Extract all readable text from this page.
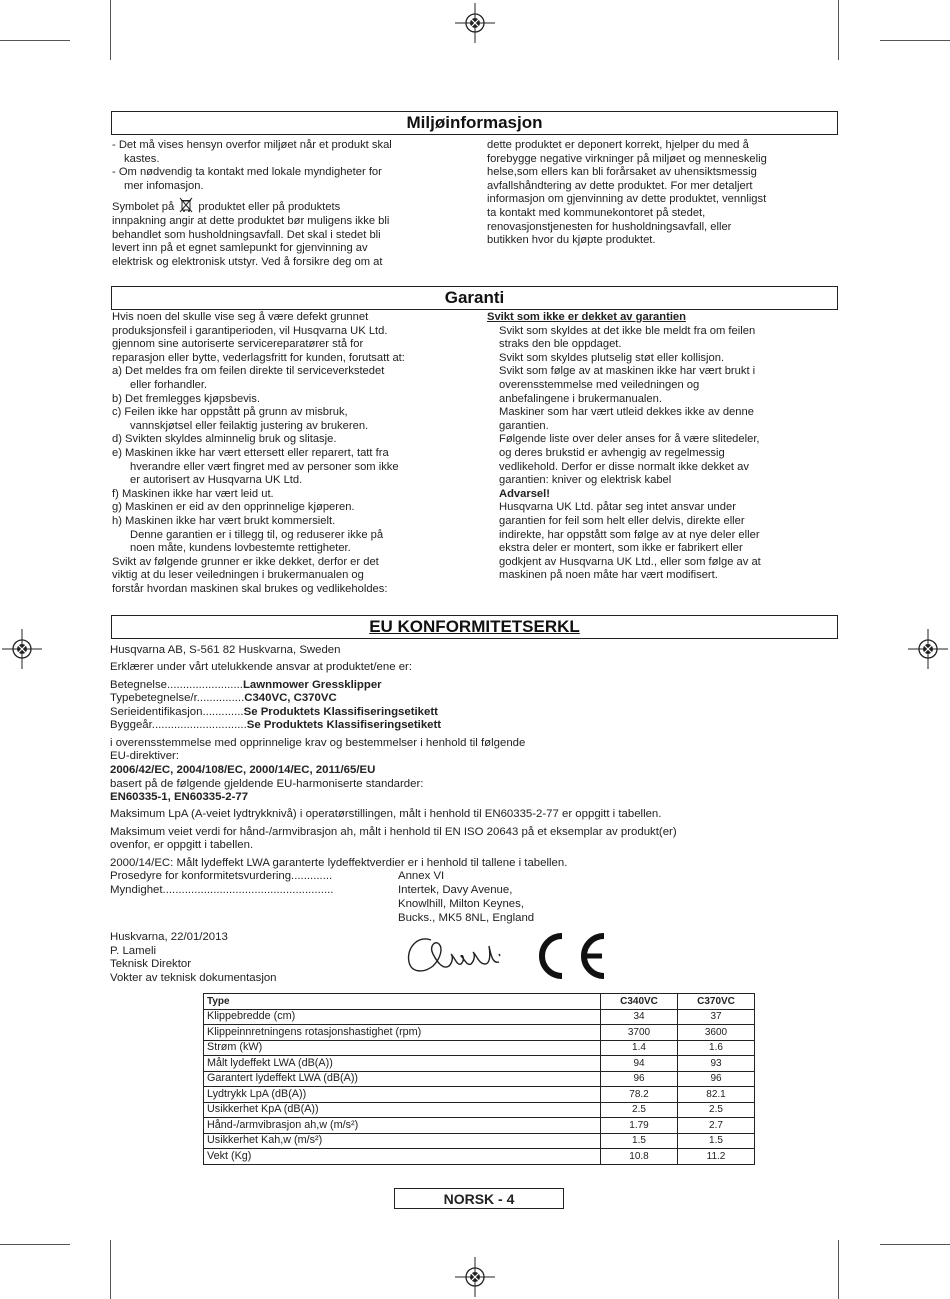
Miljøinformasjon

- Det må vises hensyn overfor miljøet når et produkt skal

kastes.

- Om nødvendig ta kontakt med lokale myndigheter for

mer infomasjon.

Symbolet på produktet eller på produktets

innpakning angir at dette produktet bør muligens ikke bli

behandlet som husholdningsavfall. Det skal i stedet bli

levert inn på et egnet samlepunkt for gjenvinning av

elektrisk og elektronisk utstyr. Ved å forsikre deg om at

dette produktet er deponert korrekt, hjelper du med å

forebygge negative virkninger på miljøet og menneskelig

helse,som ellers kan bli forårsaket av uhensiktsmessig

avfallshåndtering av dette produktet. For mer detaljert

informasjon om gjenvinning av dette produktet, vennligst

ta kontakt med kommunekontoret på stedet,

renovasjonstjenesten for husholdningsavfall, eller

butikken hvor du kjøpte produktet.

Garanti

Hvis noen del skulle vise seg å være defekt grunnet

produksjonsfeil i garantiperioden, vil Husqvarna UK Ltd.

gjennom sine autoriserte servicereparatører stå for

reparasjon eller bytte, vederlagsfritt for kunden, forutsatt at:

a) Det meldes fra om feilen direkte til serviceverkstedet

eller forhandler.

b) Det fremlegges kjøpsbevis.

c) Feilen ikke har oppstått på grunn av misbruk,

vannskjøtsel eller feilaktig justering av brukeren.

d) Svikten skyldes alminnelig bruk og slitasje.

e) Maskinen ikke har vært ettersett eller reparert, tatt fra

hverandre eller vært fingret med av personer som ikke

er autorisert av Husqvarna UK Ltd.

f) Maskinen ikke har vært leid ut.

g) Maskinen er eid av den opprinnelige kjøperen.

h) Maskinen ikke har vært brukt kommersielt.

Denne garantien er i tillegg til, og reduserer ikke på

noen måte, kundens lovbestemte rettigheter.

Svikt av følgende grunner er ikke dekket, derfor er det

viktig at du leser veiledningen i brukermanualen og

forstår hvordan maskinen skal brukes og vedlikeholdes:

Svikt som ikke er dekket av garantien

Svikt som skyldes at det ikke ble meldt fra om feilen

straks den ble oppdaget.

Svikt som skyldes plutselig støt eller kollisjon.

Svikt som følge av at maskinen ikke har vært brukt i

overensstemmelse med veiledningen og

anbefalingene i brukermanualen.

Maskiner som har vært utleid dekkes ikke av denne

garantien.

Følgende liste over deler anses for å være slitedeler,

og deres brukstid er avhengig av regelmessig

vedlikehold. Derfor er disse normalt ikke dekket av

garantien: kniver og elektrisk kabel

Advarsel!

Husqvarna UK Ltd. påtar seg intet ansvar under

garantien for feil som helt eller delvis, direkte eller

indirekte, har oppstått som følge av at nye deler eller

ekstra deler er montert, som ikke er fabrikert eller

godkjent av Husqvarna UK Ltd., eller som følge av at

maskinen på noen måte har vært modifisert.

EU KONFORMITETSERKL
Husqvarna AB, S-561 82 Huskvarna, Sweden
Erklærer under vårt utelukkende ansvar at produktet/ene er:
Betegnelse........................Lawnmower Gressklipper
Typebetegnelse/r...............C340VC, C370VC
Serieidentifikasjon.............Se Produktets Klassifiseringsetikett
Byggeår..............................Se Produktets Klassifiseringsetikett
i overensstemmelse med opprinnelige krav og bestemmelser i henhold til følgende
EU-direktiver:
2006/42/EC, 2004/108/EC, 2000/14/EC, 2011/65/EU
basert på de følgende gjeldende EU-harmoniserte standarder:
EN60335-1, EN60335-2-77
Maksimum LpA (A-veiet lydtrykknivå) i operatørstillingen, målt i henhold til EN60335-2-77 er oppgitt i tabellen.
Maksimum veiet verdi for hånd-/armvibrasjon ah, målt i henhold til EN ISO 20643 på et eksemplar av produkt(er)
ovenfor, er oppgitt i tabellen.
2000/14/EC: Målt lydeffekt LWA garanterte lydeffektverdier er i henhold til tallene i tabellen.
Prosedyre for konformitetsvurdering.............	Annex VI
Myndighet......................................................	Intertek, Davy Avenue,
Knowlhill, Milton Keynes,
Bucks., MK5 8NL, England
Huskvarna, 22/01/2013
P. Lameli
Teknisk Direktor
Vokter av teknisk dokumentasjon
Type	C340VC	C370VC
Klippebredde (cm)	34	37
Klippeinnretningens rotasjonshastighet (rpm)	3700	3600
Strøm (kW)	1.4	1.6
Målt lydeffekt LWA (dB(A))	94	93
Garantert lydeffekt LWA (dB(A))	96	96
Lydtrykk LpA (dB(A))	78.2	82.1
Usikkerhet KpA (dB(A))	2.5	2.5
Hånd-/armvibrasjon ah,w (m/s²)	1.79	2.7
Usikkerhet Kah,w (m/s²)	1.5	1.5
Vekt (Kg)	10.8	11.2
NORSK - 4
